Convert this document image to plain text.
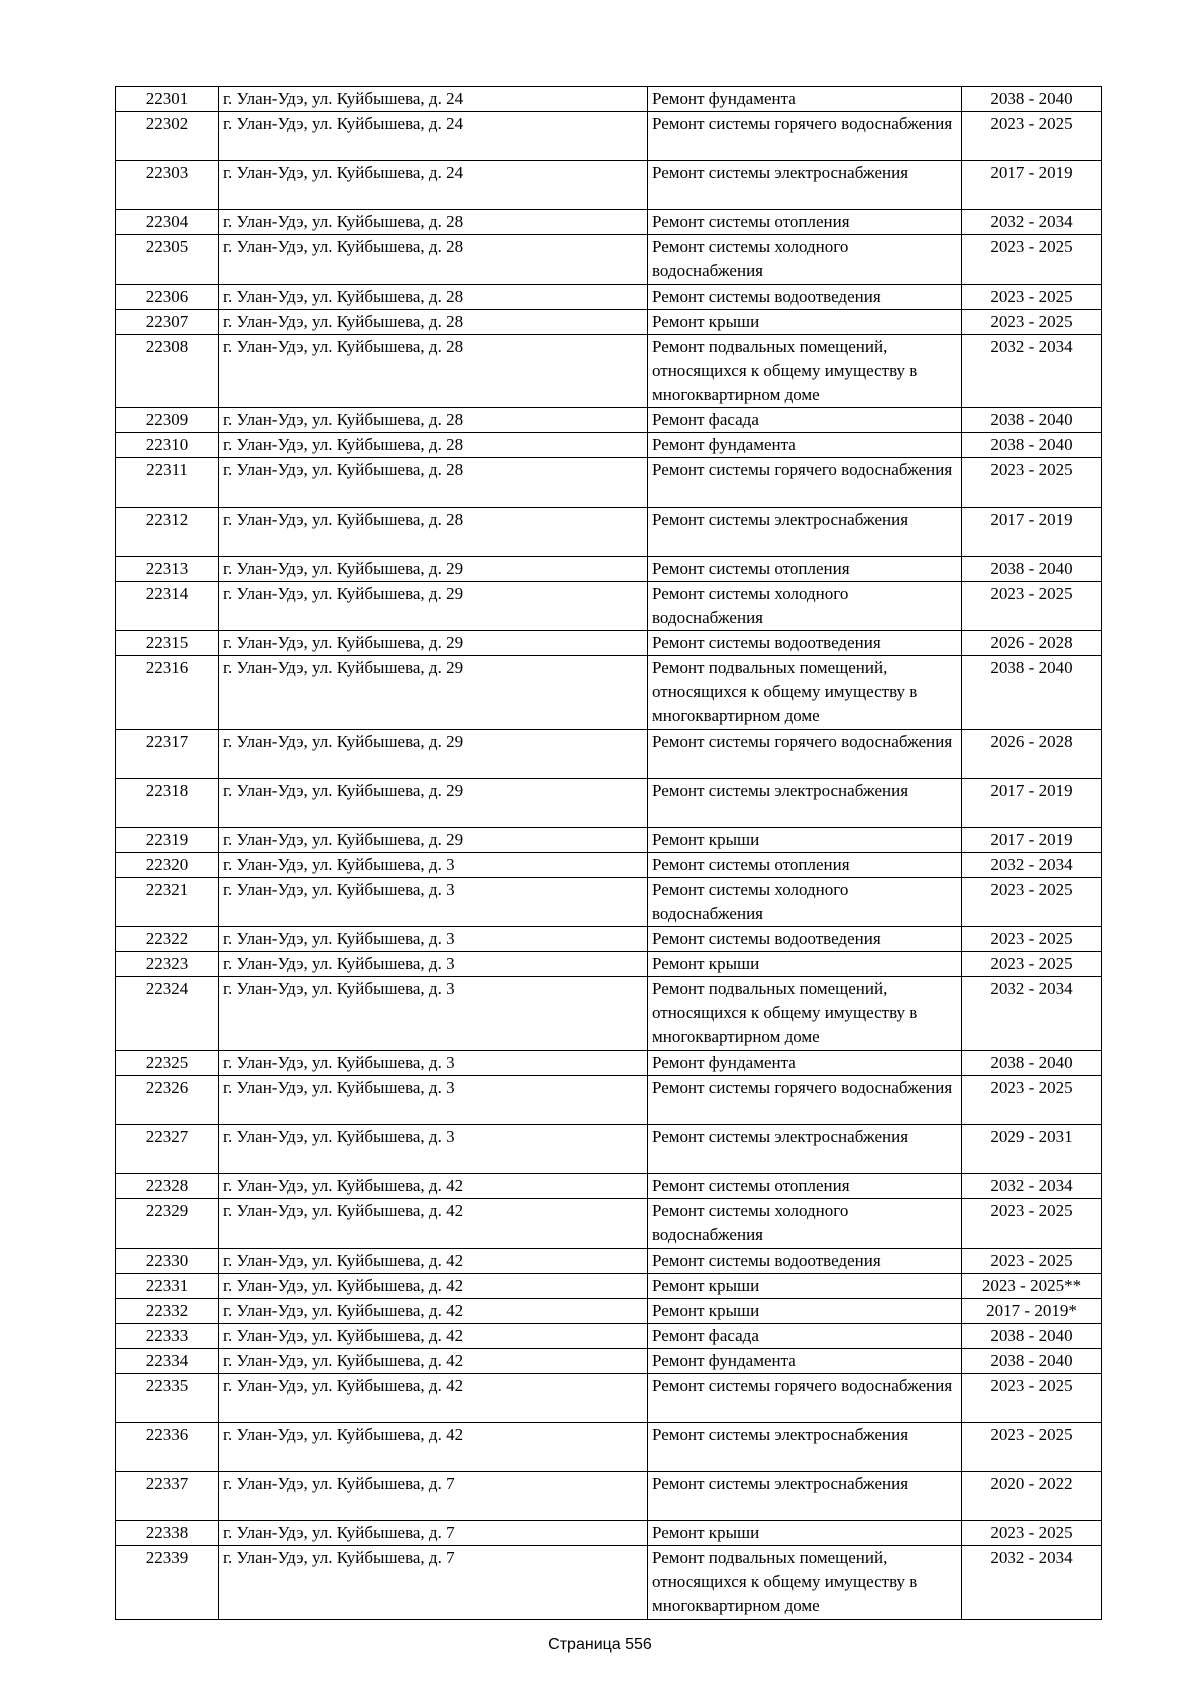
22301	г. Улан-Удэ, ул. Куйбышева, д. 24	Ремонт фундамента	2038 - 2040
22302	г. Улан-Удэ, ул. Куйбышева, д. 24	Ремонт системы горячего водоснабжения	2023 - 2025
22303	г. Улан-Удэ, ул. Куйбышева, д. 24	Ремонт системы электроснабжения	2017 - 2019
22304	г. Улан-Удэ, ул. Куйбышева, д. 28	Ремонт системы отопления	2032 - 2034
22305	г. Улан-Удэ, ул. Куйбышева, д. 28	Ремонт системы холодного водоснабжения	2023 - 2025
22306	г. Улан-Удэ, ул. Куйбышева, д. 28	Ремонт системы водоотведения	2023 - 2025
22307	г. Улан-Удэ, ул. Куйбышева, д. 28	Ремонт крыши	2023 - 2025
22308	г. Улан-Удэ, ул. Куйбышева, д. 28	Ремонт подвальных помещений, относящихся к общему имуществу в многоквартирном доме	2032 - 2034
22309	г. Улан-Удэ, ул. Куйбышева, д. 28	Ремонт фасада	2038 - 2040
22310	г. Улан-Удэ, ул. Куйбышева, д. 28	Ремонт фундамента	2038 - 2040
22311	г. Улан-Удэ, ул. Куйбышева, д. 28	Ремонт системы горячего водоснабжения	2023 - 2025
22312	г. Улан-Удэ, ул. Куйбышева, д. 28	Ремонт системы электроснабжения	2017 - 2019
22313	г. Улан-Удэ, ул. Куйбышева, д. 29	Ремонт системы отопления	2038 - 2040
22314	г. Улан-Удэ, ул. Куйбышева, д. 29	Ремонт системы холодного водоснабжения	2023 - 2025
22315	г. Улан-Удэ, ул. Куйбышева, д. 29	Ремонт системы водоотведения	2026 - 2028
22316	г. Улан-Удэ, ул. Куйбышева, д. 29	Ремонт подвальных помещений, относящихся к общему имуществу в многоквартирном доме	2038 - 2040
22317	г. Улан-Удэ, ул. Куйбышева, д. 29	Ремонт системы горячего водоснабжения	2026 - 2028
22318	г. Улан-Удэ, ул. Куйбышева, д. 29	Ремонт системы электроснабжения	2017 - 2019
22319	г. Улан-Удэ, ул. Куйбышева, д. 29	Ремонт крыши	2017 - 2019
22320	г. Улан-Удэ, ул. Куйбышева, д. 3	Ремонт системы отопления	2032 - 2034
22321	г. Улан-Удэ, ул. Куйбышева, д. 3	Ремонт системы холодного водоснабжения	2023 - 2025
22322	г. Улан-Удэ, ул. Куйбышева, д. 3	Ремонт системы водоотведения	2023 - 2025
22323	г. Улан-Удэ, ул. Куйбышева, д. 3	Ремонт крыши	2023 - 2025
22324	г. Улан-Удэ, ул. Куйбышева, д. 3	Ремонт подвальных помещений, относящихся к общему имуществу в многоквартирном доме	2032 - 2034
22325	г. Улан-Удэ, ул. Куйбышева, д. 3	Ремонт фундамента	2038 - 2040
22326	г. Улан-Удэ, ул. Куйбышева, д. 3	Ремонт системы горячего водоснабжения	2023 - 2025
22327	г. Улан-Удэ, ул. Куйбышева, д. 3	Ремонт системы электроснабжения	2029 - 2031
22328	г. Улан-Удэ, ул. Куйбышева, д. 42	Ремонт системы отопления	2032 - 2034
22329	г. Улан-Удэ, ул. Куйбышева, д. 42	Ремонт системы холодного водоснабжения	2023 - 2025
22330	г. Улан-Удэ, ул. Куйбышева, д. 42	Ремонт системы водоотведения	2023 - 2025
22331	г. Улан-Удэ, ул. Куйбышева, д. 42	Ремонт крыши	2023 - 2025**
22332	г. Улан-Удэ, ул. Куйбышева, д. 42	Ремонт крыши	2017 - 2019*
22333	г. Улан-Удэ, ул. Куйбышева, д. 42	Ремонт фасада	2038 - 2040
22334	г. Улан-Удэ, ул. Куйбышева, д. 42	Ремонт фундамента	2038 - 2040
22335	г. Улан-Удэ, ул. Куйбышева, д. 42	Ремонт системы горячего водоснабжения	2023 - 2025
22336	г. Улан-Удэ, ул. Куйбышева, д. 42	Ремонт системы электроснабжения	2023 - 2025
22337	г. Улан-Удэ, ул. Куйбышева, д. 7	Ремонт системы электроснабжения	2020 - 2022
22338	г. Улан-Удэ, ул. Куйбышева, д. 7	Ремонт крыши	2023 - 2025
22339	г. Улан-Удэ, ул. Куйбышева, д. 7	Ремонт подвальных помещений, относящихся к общему имуществу в многоквартирном доме	2032 - 2034
Страница 556
